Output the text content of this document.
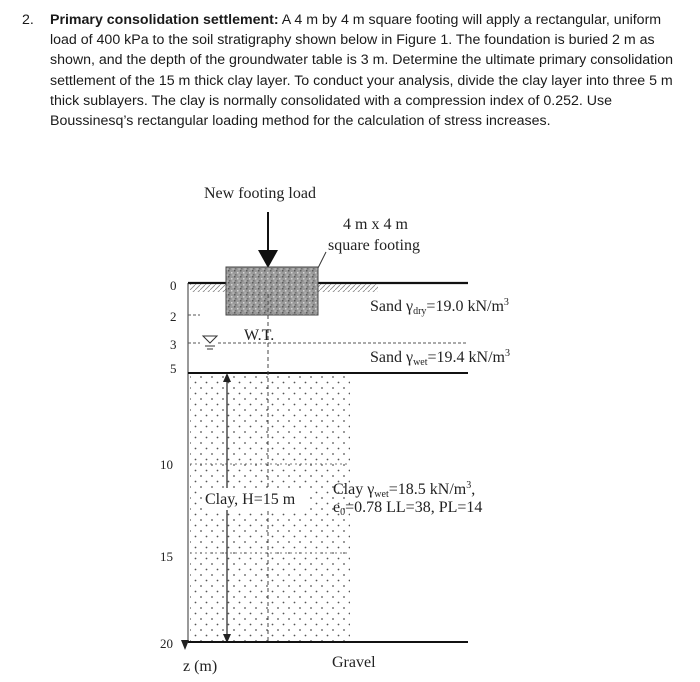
2. Primary consolidation settlement: A 4 m by 4 m square footing will apply a rectangular, uniform load of 400 kPa to the soil stratigraphy shown below in Figure 1. The foundation is buried 2 m as shown, and the depth of the groundwater table is 3 m. Determine the ultimate primary consolidation settlement of the 15 m thick clay layer. To conduct your analysis, divide the clay layer into three 5 m thick sublayers. The clay is normally consolidated with a compression index of 0.252. Use Boussinesq’s rectangular loading method for the calculation of stress increases.
New footing load
4 m x 4 m
square footing
0
2
3
5
10
15
20
z (m)
W.T.
Sand γdry=19.0 $kN/m^3$
Sand γwet=19.4 $kN/m^3$
Clay, H=15 m
Clay γwet=18.5 $kN/m^3$,
e0=0.78 LL=38, PL=14
Gravel
